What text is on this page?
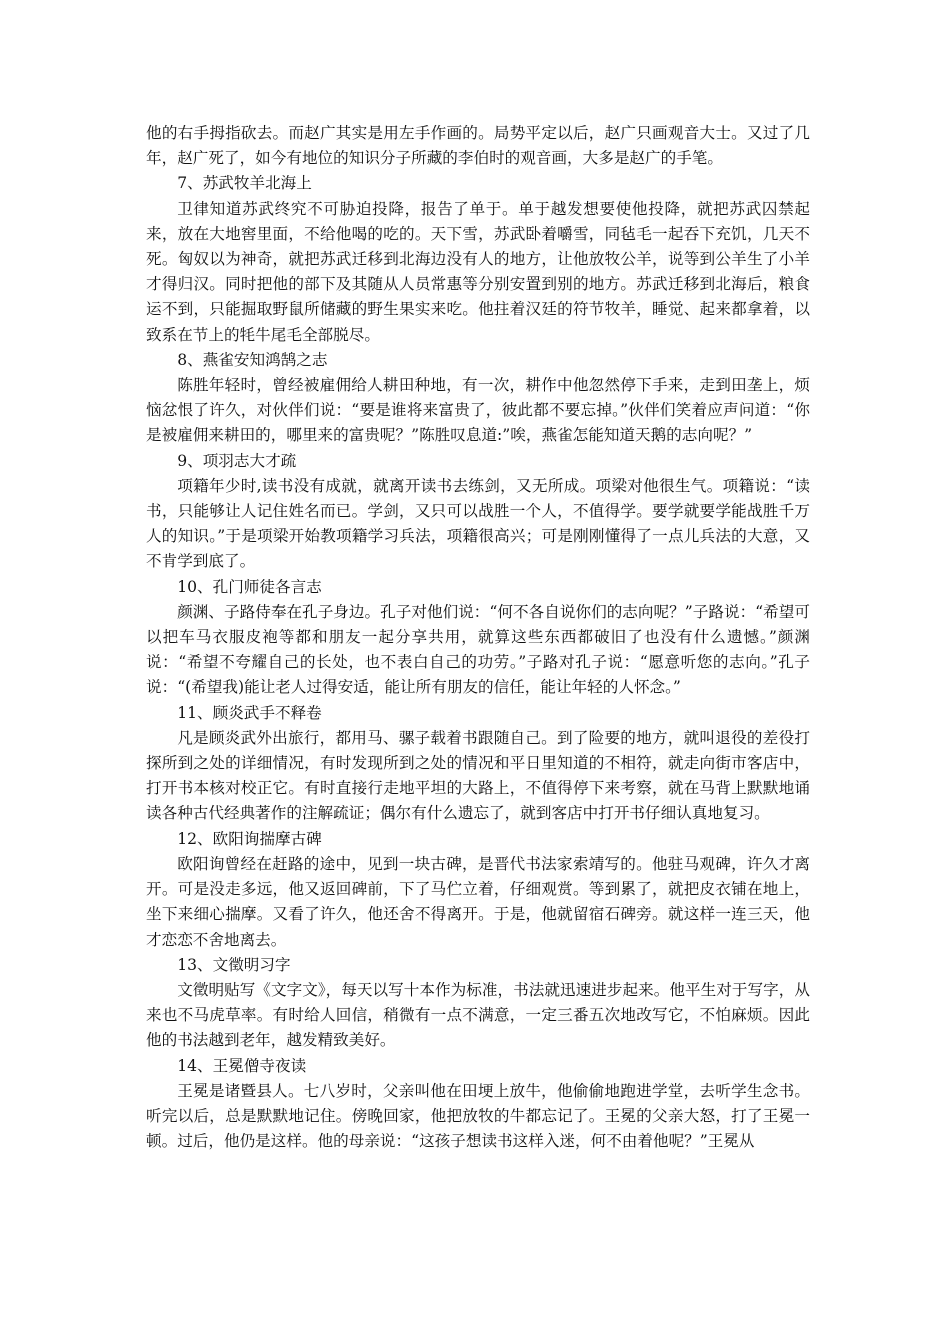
他的右手拇指砍去。而赵广其实是用左手作画的。局势平定以后，赵广只画观音大士。又过了几年，赵广死了，如今有地位的知识分子所藏的李伯时的观音画，大多是赵广的手笔。

7、苏武牧羊北海上

卫律知道苏武终究不可胁迫投降，报告了单于。单于越发想要使他投降，就把苏武囚禁起来，放在大地窖里面，不给他喝的吃的。天下雪，苏武卧着嚼雪，同毡毛一起吞下充饥，几天不死。匈奴以为神奇，就把苏武迁移到北海边没有人的地方，让他放牧公羊，说等到公羊生了小羊才得归汉。同时把他的部下及其随从人员常惠等分别安置到别的地方。苏武迁移到北海后，粮食运不到，只能掘取野鼠所储藏的野生果实来吃。他拄着汉廷的符节牧羊，睡觉、起来都拿着，以致系在节上的牦牛尾毛全部脱尽。

8、燕雀安知鸿鹄之志

陈胜年轻时，曾经被雇佣给人耕田种地，有一次，耕作中他忽然停下手来，走到田垄上，烦恼忿恨了许久，对伙伴们说：“要是谁将来富贵了，彼此都不要忘掉。”伙伴们笑着应声问道：“你是被雇佣来耕田的，哪里来的富贵呢？”陈胜叹息道:”唉，燕雀怎能知道天鹅的志向呢？”

9、项羽志大才疏

项籍年少时,读书没有成就，就离开读书去练剑，又无所成。项梁对他很生气。项籍说：“读书，只能够让人记住姓名而已。学剑，又只可以战胜一个人，不值得学。要学就要学能战胜千万人的知识。”于是项梁开始教项籍学习兵法，项籍很高兴；可是刚刚懂得了一点儿兵法的大意，又不肯学到底了。

10、孔门师徒各言志

颜渊、子路侍奉在孔子身边。孔子对他们说：“何不各自说你们的志向呢？”子路说：“希望可以把车马衣服皮袍等都和朋友一起分享共用，就算这些东西都破旧了也没有什么遗憾。”颜渊说：“希望不夸耀自己的长处，也不表白自己的功劳。”子路对孔子说：“愿意听您的志向。”孔子说：“(希望我)能让老人过得安适，能让所有朋友的信任，能让年轻的人怀念。”

11、顾炎武手不释卷

凡是顾炎武外出旅行，都用马、骡子载着书跟随自己。到了险要的地方，就叫退役的差役打探所到之处的详细情况，有时发现所到之处的情况和平日里知道的不相符，就走向街市客店中，打开书本核对校正它。有时直接行走地平坦的大路上，不值得停下来考察，就在马背上默默地诵读各种古代经典著作的注解疏证；偶尔有什么遗忘了，就到客店中打开书仔细认真地复习。

12、欧阳询揣摩古碑

欧阳询曾经在赶路的途中，见到一块古碑，是晋代书法家索靖写的。他驻马观碑，许久才离开。可是没走多远，他又返回碑前，下了马伫立着，仔细观赏。等到累了，就把皮衣铺在地上，坐下来细心揣摩。又看了许久，他还舍不得离开。于是，他就留宿石碑旁。就这样一连三天，他才恋恋不舍地离去。

13、文徵明习字

文徵明贴写《文字文》，每天以写十本作为标准，书法就迅速进步起来。他平生对于写字，从来也不马虎草率。有时给人回信，稍微有一点不满意，一定三番五次地改写它，不怕麻烦。因此他的书法越到老年，越发精致美好。

14、王冕僧寺夜读

王冕是诸暨县人。七八岁时，父亲叫他在田埂上放牛，他偷偷地跑进学堂，去听学生念书。听完以后，总是默默地记住。傍晚回家，他把放牧的牛都忘记了。王冕的父亲大怒，打了王冕一顿。过后，他仍是这样。他的母亲说：“这孩子想读书这样入迷，何不由着他呢？”王冕从
